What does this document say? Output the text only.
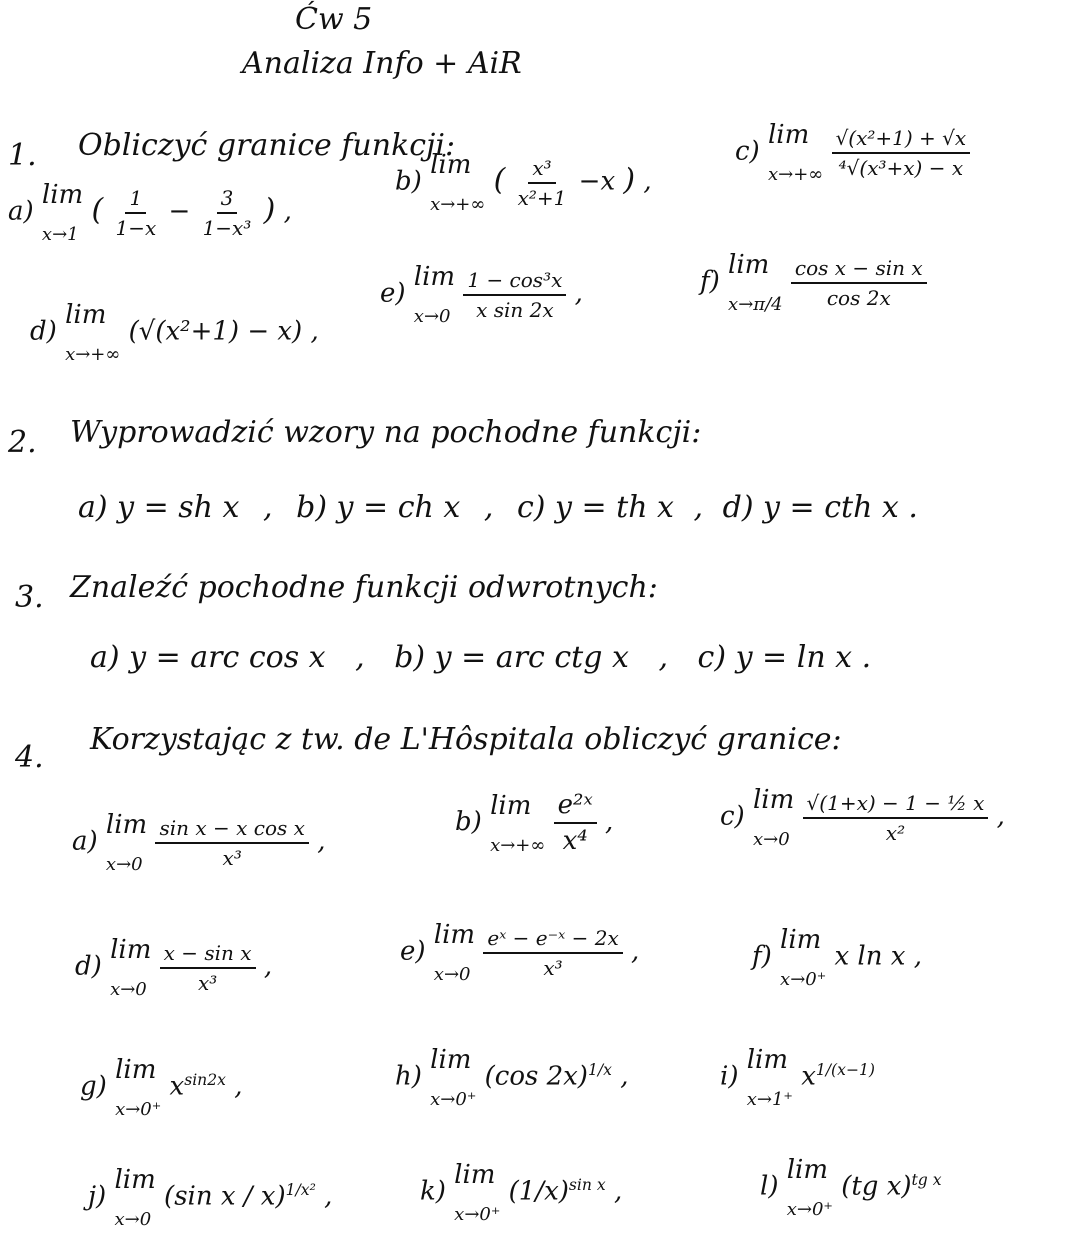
Ćw 5
Analiza Info + AiR
1. Obliczyć granice funkcji:
a)
lim
x→1
( $\frac{1}{1-x} - \frac{3}{\text{1−x³}}$ ) ,
b)
lim
x→+∞
( $\frac{\text{x³}}{\text{x²+1}} -x$ ) ,
c)
lim
x→+∞
$\frac{\text{√(x²+1) + √x}}{\text{⁴√(x³+x) − x}}$
d)
lim
x→+∞
(√(x²+1) − x) ,
e)
lim
x→0
$\frac{\text{1 − cos³x}}{\text{x sin 2x}}$ ,	f)
lim
x→π/4
$\frac{\text{cos x − sin x}}{\cos 2x}$
2. Wyprowadzić wzory na pochodne funkcji:
a) y = sh x , b) y = ch x , c) y = th x , d) y = cth x .
3. Znaleźć pochodne funkcji odwrotnych:
a) y = arc cos x , b) y = arc ctg x , c) y = ln x .
4.
Korzystając z tw. de L'Hôspitala obliczyć granice:
a)
lim
x→0
$\frac{\text{sin x − x cos x}}{\text{x³}}$ ,
b)
lim
x→+∞
$\frac{\text{e²ˣ}}{\text{x⁴}}$ ,	c)
lim
x→0
$\frac{\text{√(1+x) − 1 − ½ x}}{\text{x²}}$ ,
d)
lim
x→0
$\frac{\text{x − sin x}}{\text{x³}}$ ,	e)
lim
x→0
$\frac{\text{eˣ − e⁻ˣ − 2x}}{\text{x³}}$ ,	f)
lim
x→0⁺
x ln x ,
g)
lim
x→0⁺
$x^{sin2x}$ ,	h)
lim
x→0⁺
(cos 2x)$^{1/x}$ ,	i)
lim
x→1⁺
$x^{1/(x-1)}$
j)
lim
x→0
(sin x / x)$^{1/x^2}$ ,	k)
lim
x→0⁺
$(1/x)^{sin x}$ ,	l)
lim
x→0⁺
(tg x)$^{tg x}$
